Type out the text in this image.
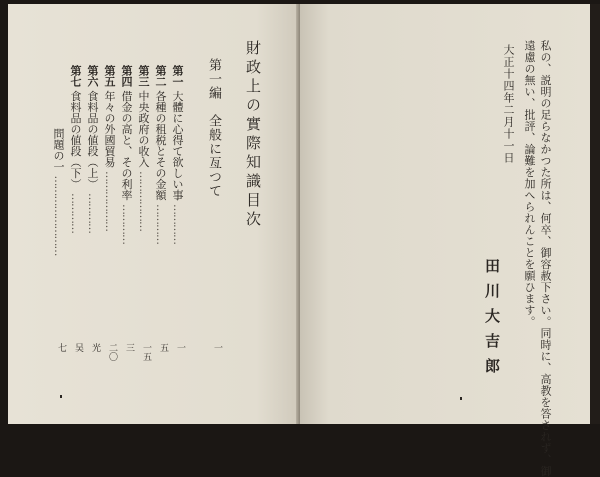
財政上の實際知識目次
第一編　全般に亙つて
一
第一 大體に心得て欲しい事 …………
一
第二 各種の租税とその金額 …………
五
第三 中央政府の收入 ………………
一五
第四 借金の高と、その利率 …………
三
第五 年々の外國貿易 ………………
二〇
第六 食料品の値段（上） …………
光
第七 食料品の値段（下） …………
吴
問題の一 ……………………
七	私の、説明の足らなかつた所は、何卒、御容赦下さい。同時に、高教を答されず、御
遠慮の無い、批評、論難を加へられんことを願ひます。
大正十四年二月十一日
田川大吉郎
